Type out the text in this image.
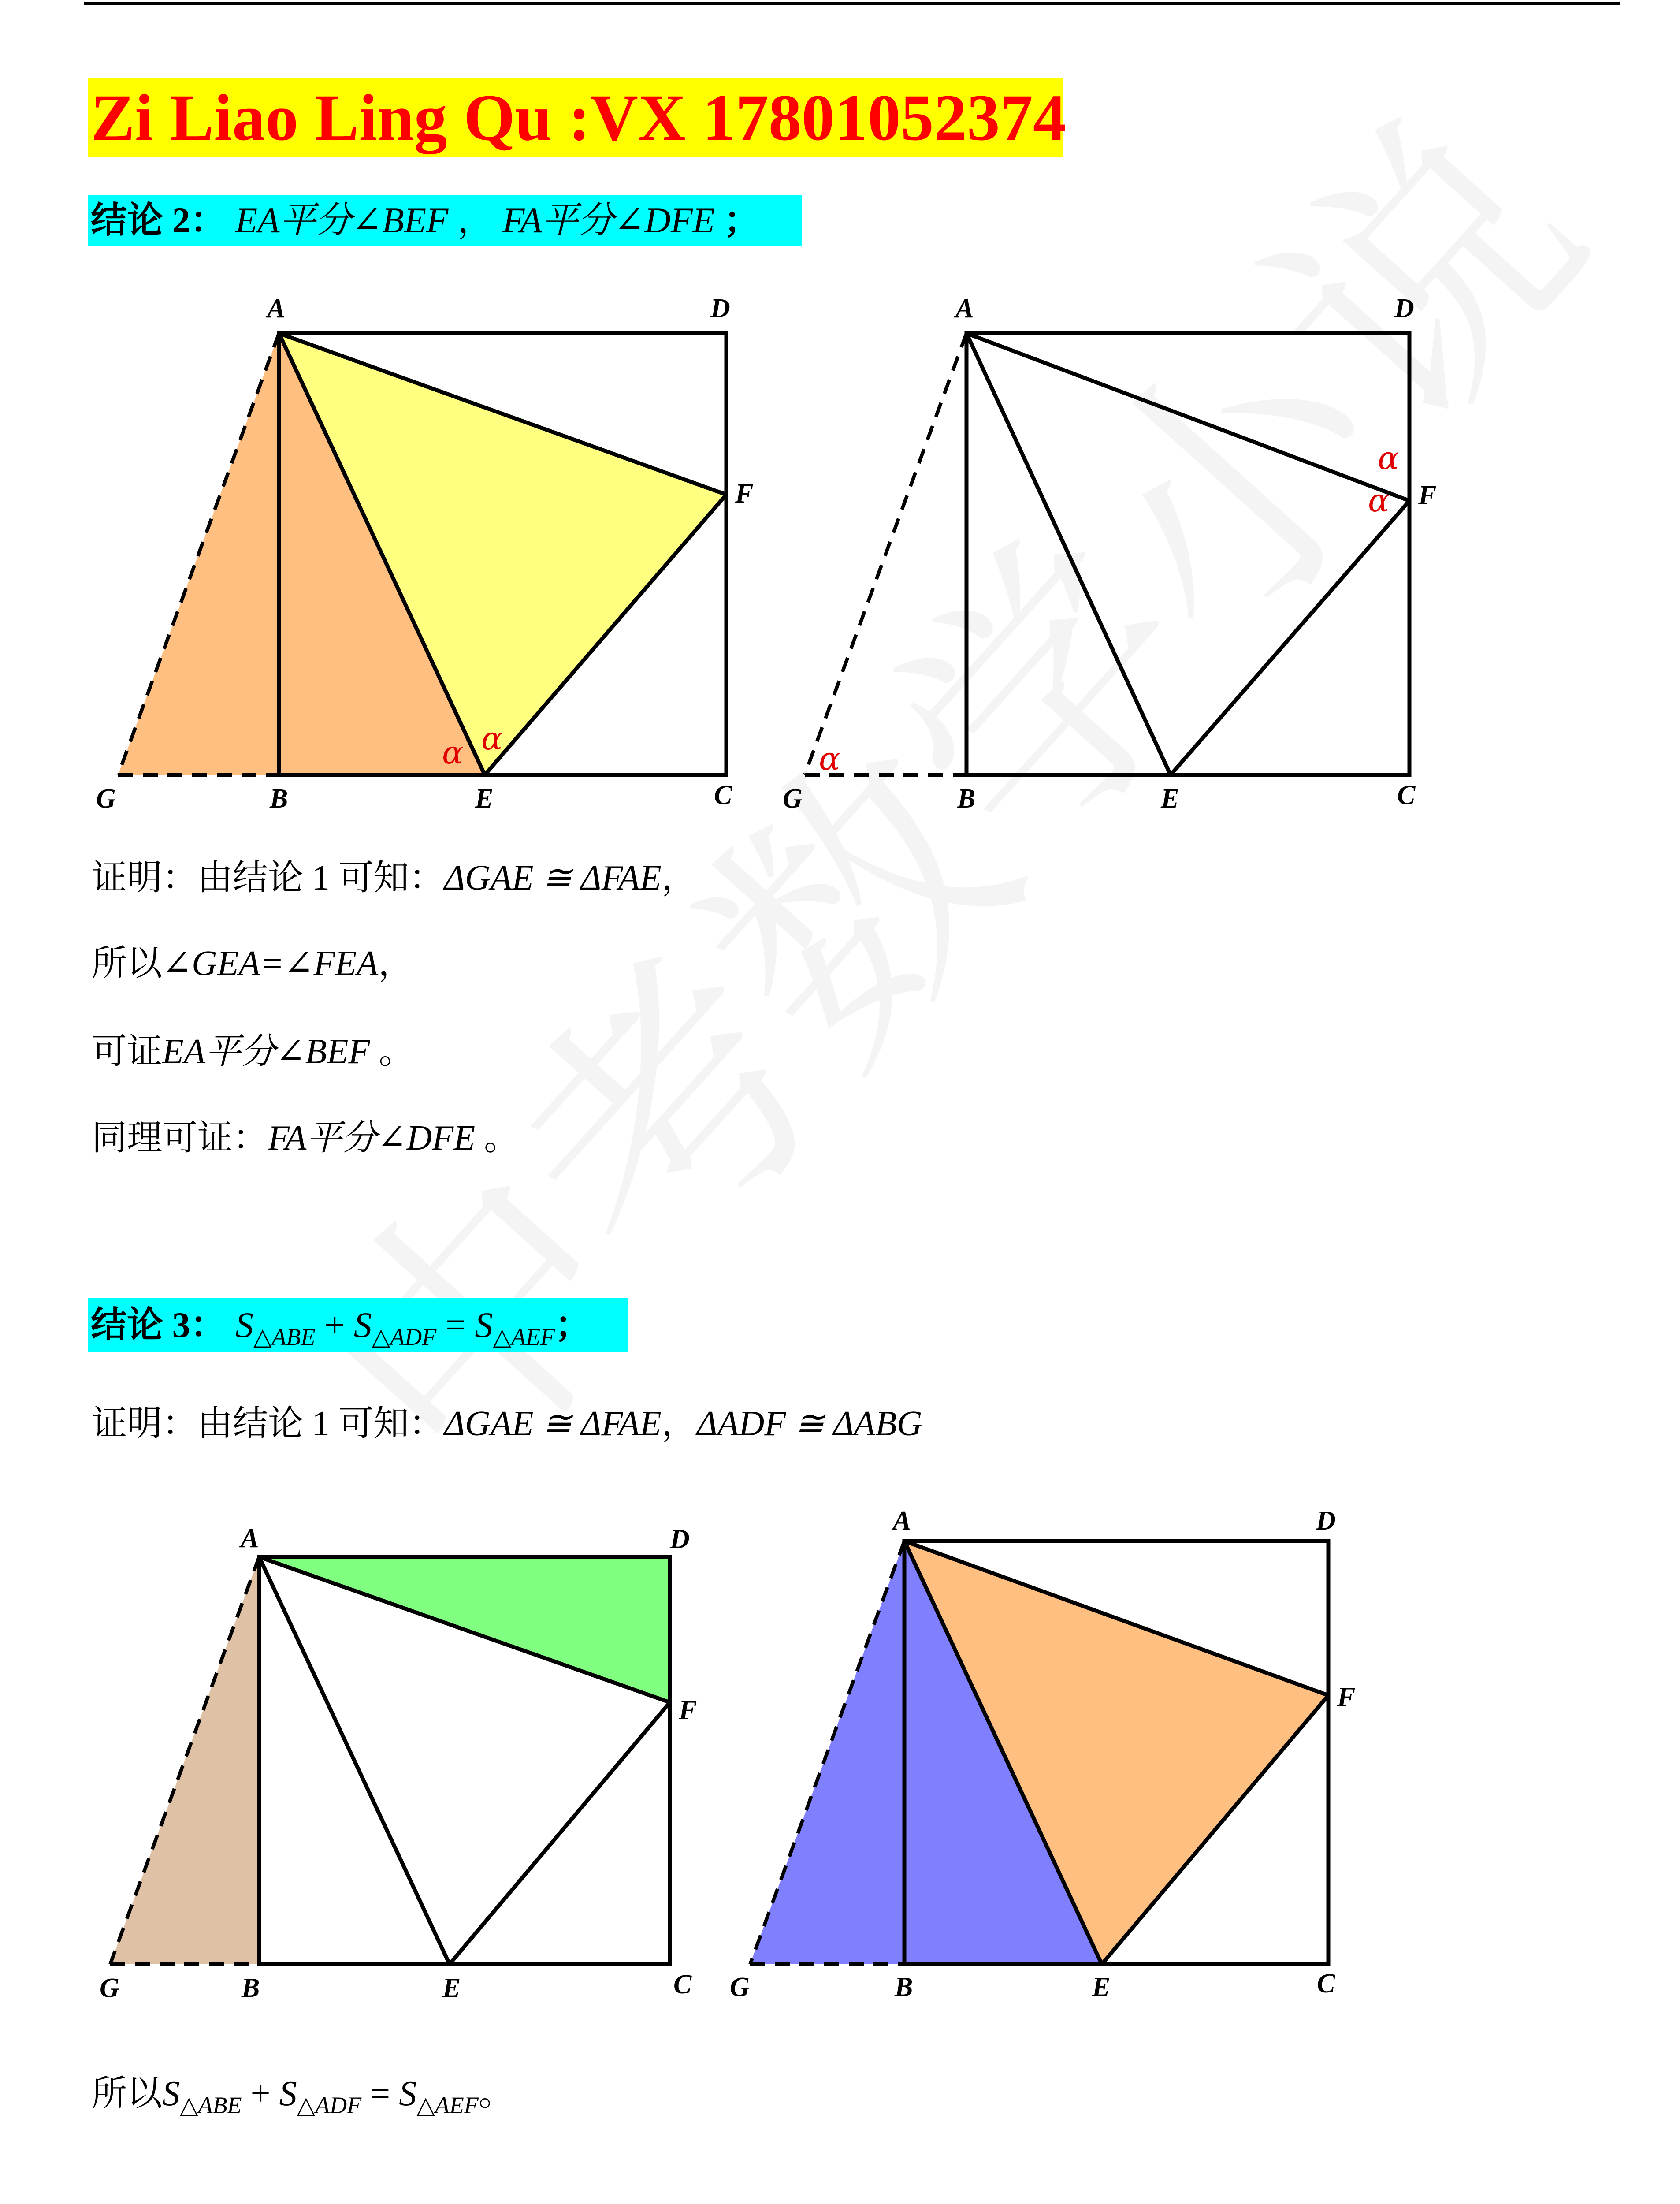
Zi Liao Ling Qu :VX 17801052374
结论 2： EA平分∠BEF ， FA平分∠DFE ；
A	D
F
G	B	E	C
α α
A	D
F
G	B	E	C
α
α
α
证明：由结论 1 可知：ΔGAE ≅ ΔFAE，
所以∠GEA=∠FEA，
可证EA平分∠BEF 。
同理可证：FA平分∠DFE 。
结论 3： $S_{\triangle ABE} + S_{\triangle ADF} = S_{\triangle AEF}$；
证明：由结论 1 可知：ΔGAE ≅ ΔFAE，ΔADF ≅ ΔABG
A	D
F
G	B	E	C
A	D
F
G	B	E	C
所以$S_{\triangle ABE} + S_{\triangle ADF} = S_{\triangle AEF}$。
